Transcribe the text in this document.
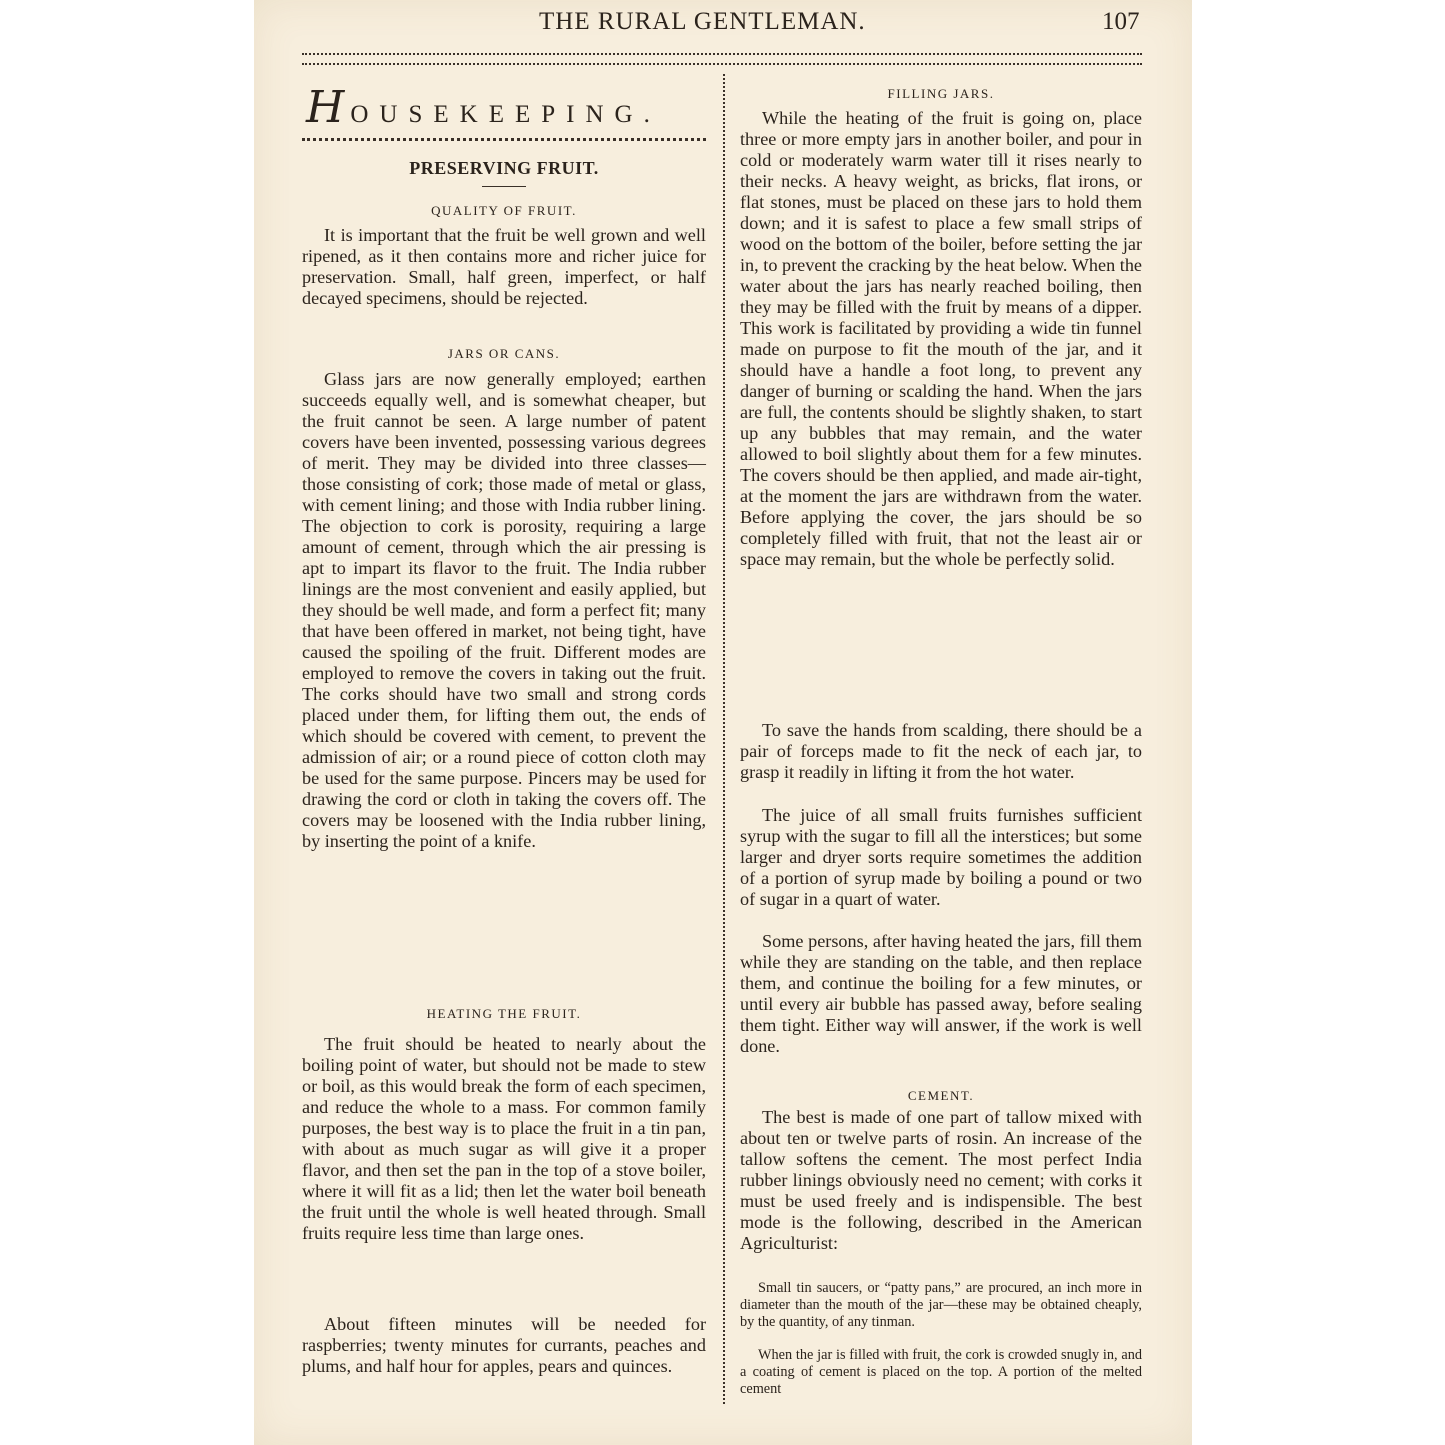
THE RURAL GENTLEMAN.	107
HOUSEKEEPING.
PRESERVING FRUIT.
QUALITY OF FRUIT.

It is important that the fruit be well grown and well ripened, as it then contains more and richer juice for preservation. Small, half green, imperfect, or half decayed specimens, should be rejected.

JARS OR CANS.

Glass jars are now generally employed; earthen succeeds equally well, and is somewhat cheaper, but the fruit cannot be seen. A large number of patent covers have been invented, possessing various degrees of merit. They may be divided into three classes—those consisting of cork; those made of metal or glass, with cement lining; and those with India rubber lining. The objection to cork is porosity, requiring a large amount of cement, through which the air pressing is apt to impart its flavor to the fruit. The India rubber linings are the most convenient and easily applied, but they should be well made, and form a perfect fit; many that have been offered in market, not being tight, have caused the spoiling of the fruit. Different modes are employed to remove the covers in taking out the fruit. The corks should have two small and strong cords placed under them, for lifting them out, the ends of which should be covered with cement, to prevent the admission of air; or a round piece of cotton cloth may be used for the same purpose. Pincers may be used for drawing the cord or cloth in taking the covers off. The covers may be loosened with the India rubber lining, by inserting the point of a knife.

HEATING THE FRUIT.

The fruit should be heated to nearly about the boiling point of water, but should not be made to stew or boil, as this would break the form of each specimen, and reduce the whole to a mass. For common family purposes, the best way is to place the fruit in a tin pan, with about as much sugar as will give it a proper flavor, and then set the pan in the top of a stove boiler, where it will fit as a lid; then let the water boil beneath the fruit until the whole is well heated through. Small fruits require less time than large ones.

About fifteen minutes will be needed for raspberries; twenty minutes for currants, peaches and plums, and half hour for apples, pears and quinces.

FILLING JARS.

While the heating of the fruit is going on, place three or more empty jars in another boiler, and pour in cold or moderately warm water till it rises nearly to their necks. A heavy weight, as bricks, flat irons, or flat stones, must be placed on these jars to hold them down; and it is safest to place a few small strips of wood on the bottom of the boiler, before setting the jar in, to prevent the cracking by the heat below. When the water about the jars has nearly reached boiling, then they may be filled with the fruit by means of a dipper. This work is facilitated by providing a wide tin funnel made on purpose to fit the mouth of the jar, and it should have a handle a foot long, to prevent any danger of burning or scalding the hand. When the jars are full, the contents should be slightly shaken, to start up any bubbles that may remain, and the water allowed to boil slightly about them for a few minutes. The covers should be then applied, and made air-tight, at the moment the jars are withdrawn from the water. Before applying the cover, the jars should be so completely filled with fruit, that not the least air or space may remain, but the whole be perfectly solid.

To save the hands from scalding, there should be a pair of forceps made to fit the neck of each jar, to grasp it readily in lifting it from the hot water.

The juice of all small fruits furnishes sufficient syrup with the sugar to fill all the interstices; but some larger and dryer sorts require sometimes the addition of a portion of syrup made by boiling a pound or two of sugar in a quart of water.

Some persons, after having heated the jars, fill them while they are standing on the table, and then replace them, and continue the boiling for a few minutes, or until every air bubble has passed away, before sealing them tight. Either way will answer, if the work is well done.

CEMENT.

The best is made of one part of tallow mixed with about ten or twelve parts of rosin. An increase of the tallow softens the cement. The most perfect India rubber linings obviously need no cement; with corks it must be used freely and is indispensible. The best mode is the following, described in the American Agriculturist:

Small tin saucers, or “patty pans,” are procured, an inch more in diameter than the mouth of the jar—these may be obtained cheaply, by the quantity, of any tinman.

When the jar is filled with fruit, the cork is crowded snugly in, and a coating of cement is placed on the top. A portion of the melted cement
